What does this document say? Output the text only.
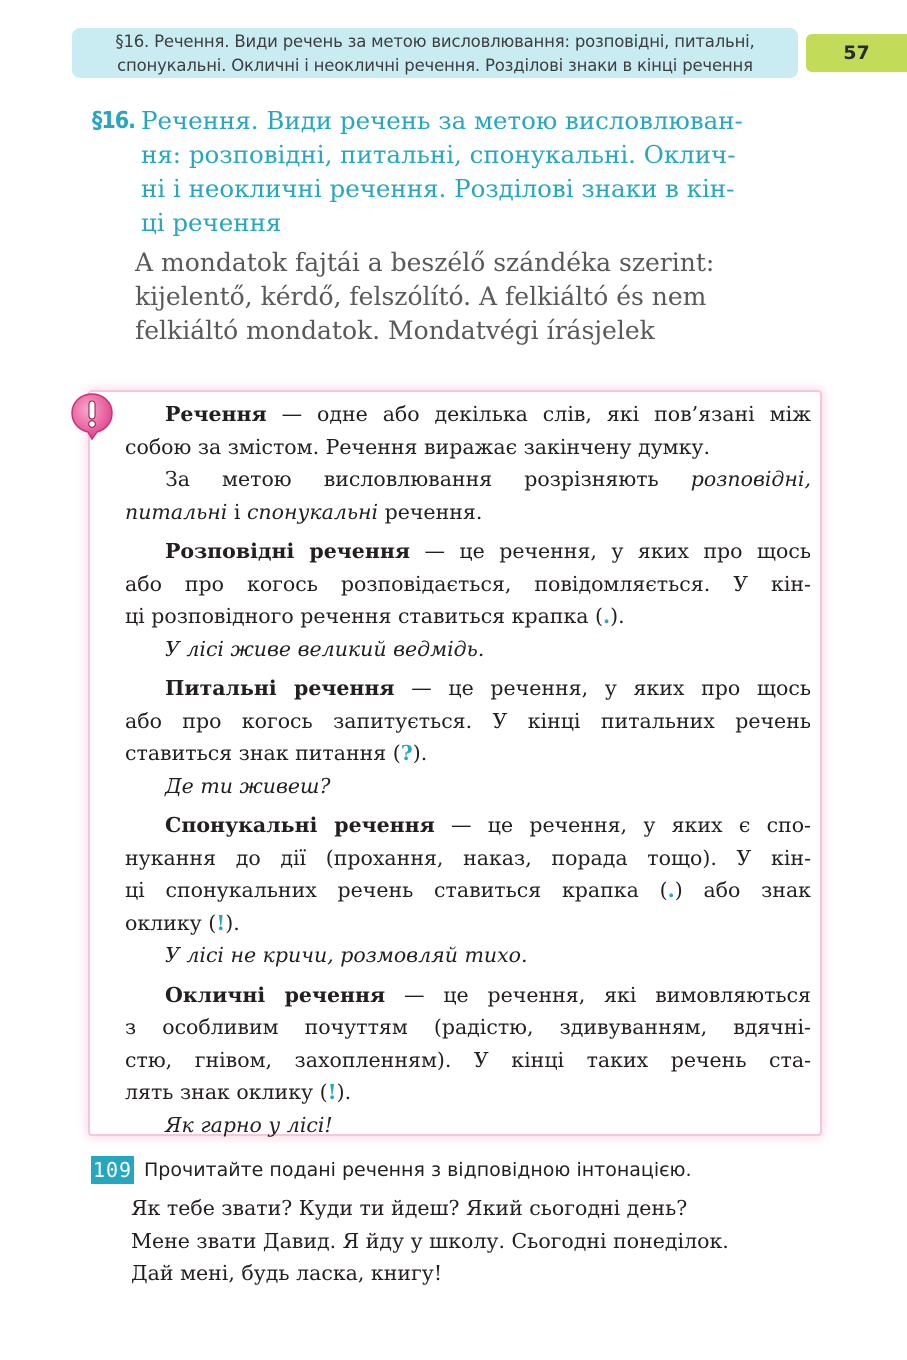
§16. Речення. Види речень за метою висловлювання: розповідні, питальні,
спонукальні. Окличні і неокличні речення. Розділові знаки в кінці речення
57
§16. Речення. Види речень за метою висловлюван-
ня: розповідні, питальні, спонукальні. Оклич-
ні і неокличні речення. Розділові знаки в кін-
ці речення
A mondatok fajtái a beszélő szándéka szerint:
kijelentő, kérdő, felszólító. A felkiáltó és nem
felkiáltó mondatok. Mondatvégi írásjelek
Речення — одне або декілька слів, які пов’язані між
собою за змістом. Речення виражає закінчену думку.
За метою висловлювання розрізняють розповідні,
питальні і спонукальні речення.
Розповідні речення — це речення, у яких про щось
або про когось розповідається, повідомляється. У кін-
ці розповідного речення ставиться крапка (.).
У лісі живе великий ведмідь.
Питальні речення — це речення, у яких про щось
або про когось запитується. У кінці питальних речень
ставиться знак питання (?).
Де ти живеш?
Спонукальні речення — це речення, у яких є спо-
нукання до дії (прохання, наказ, порада тощо). У кін-
ці спонукальних речень ставиться крапка (.) або знак
оклику (!).
У лісі не кричи, розмовляй тихо.
Окличні речення — це речення, які вимовляються
з особливим почуттям (радістю, здивуванням, вдячні-
стю, гнівом, захопленням). У кінці таких речень ста-
лять знак оклику (!).
Як гарно у лісі!
109 Прочитайте подані речення з відповідною інтонацією.
Як тебе звати? Куди ти йдеш? Який сьогодні день?
Мене звати Давид. Я йду у школу. Сьогодні понеділок.
Дай мені, будь ласка, книгу!
